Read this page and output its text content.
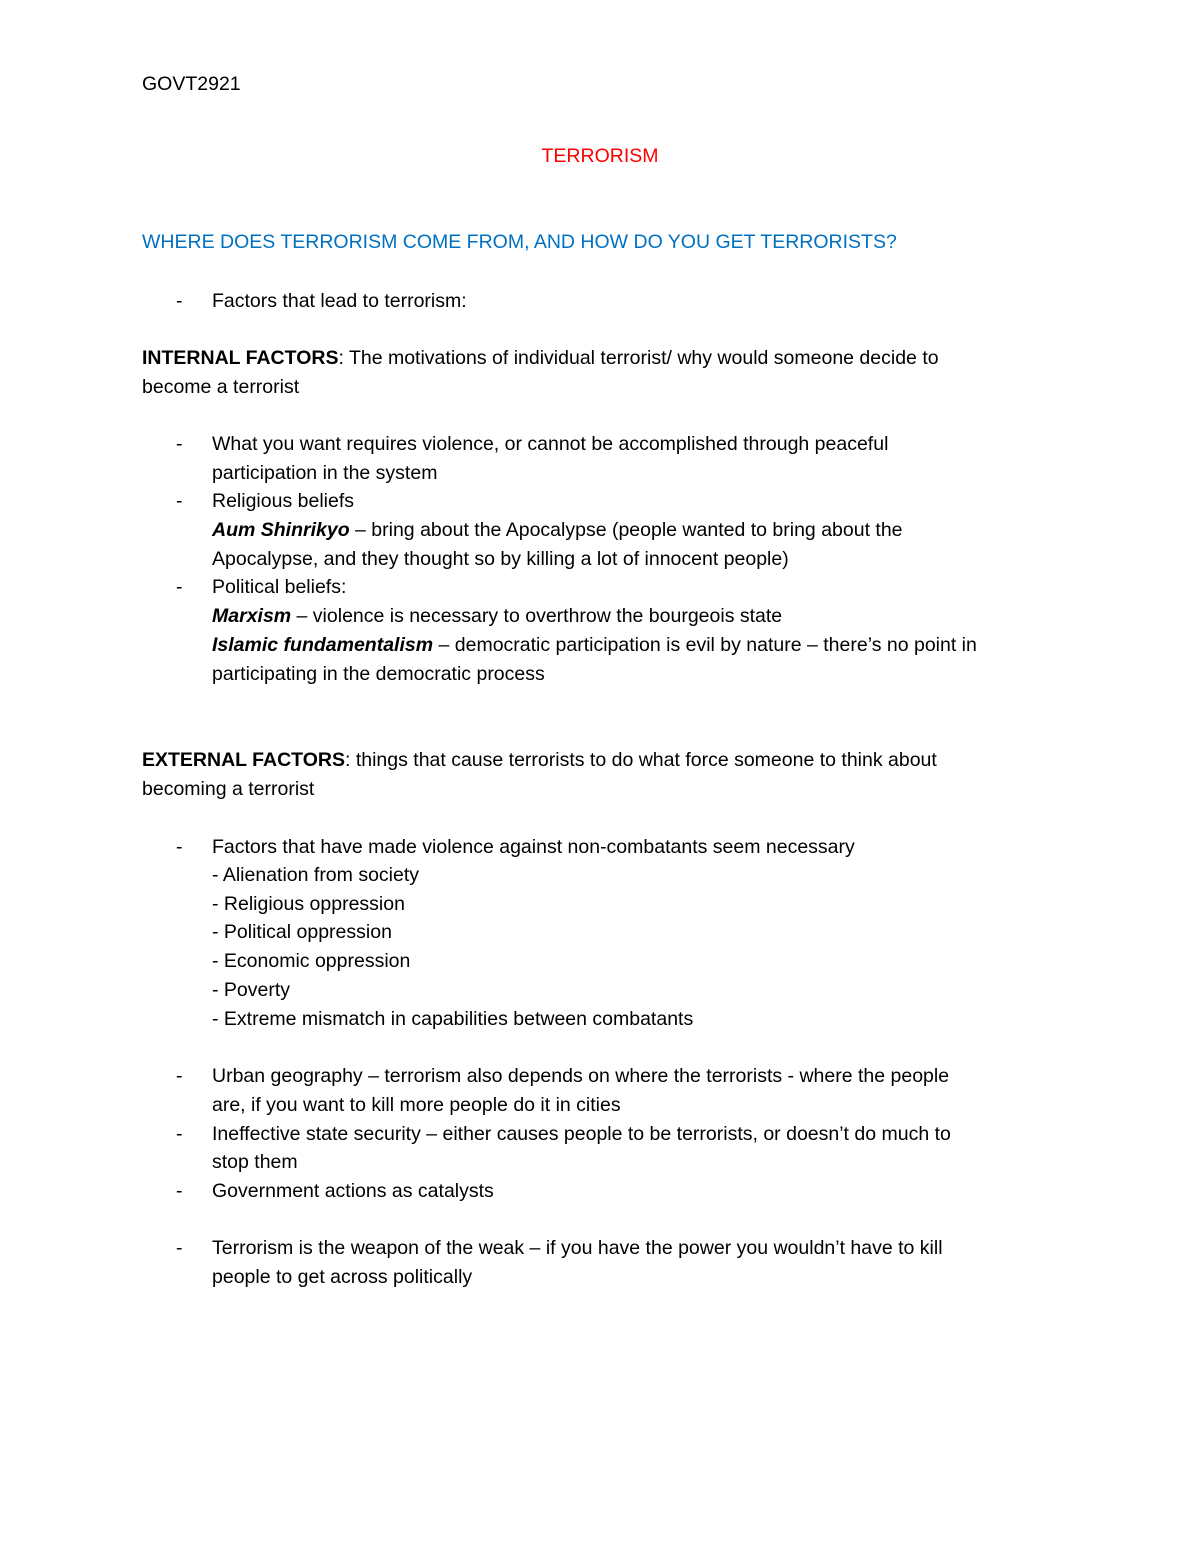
GOVT2921
TERRORISM
WHERE DOES TERRORISM COME FROM, AND HOW DO YOU GET TERRORISTS?
- Factors that lead to terrorism:
INTERNAL FACTORS: The motivations of individual terrorist/ why would someone decide to
become a terrorist
- What you want requires violence, or cannot be accomplished through peaceful
participation in the system
- Religious beliefs
Aum Shinrikyo – bring about the Apocalypse (people wanted to bring about the
Apocalypse, and they thought so by killing a lot of innocent people)
- Political beliefs:
Marxism – violence is necessary to overthrow the bourgeois state
Islamic fundamentalism – democratic participation is evil by nature – there’s no point in
participating in the democratic process
EXTERNAL FACTORS: things that cause terrorists to do what force someone to think about
becoming a terrorist
- Factors that have made violence against non-combatants seem necessary
- Alienation from society
- Religious oppression
- Political oppression
- Economic oppression
- Poverty
- Extreme mismatch in capabilities between combatants
- Urban geography – terrorism also depends on where the terrorists - where the people
are, if you want to kill more people do it in cities
- Ineffective state security – either causes people to be terrorists, or doesn’t do much to
stop them
- Government actions as catalysts
- Terrorism is the weapon of the weak – if you have the power you wouldn’t have to kill
people to get across politically
